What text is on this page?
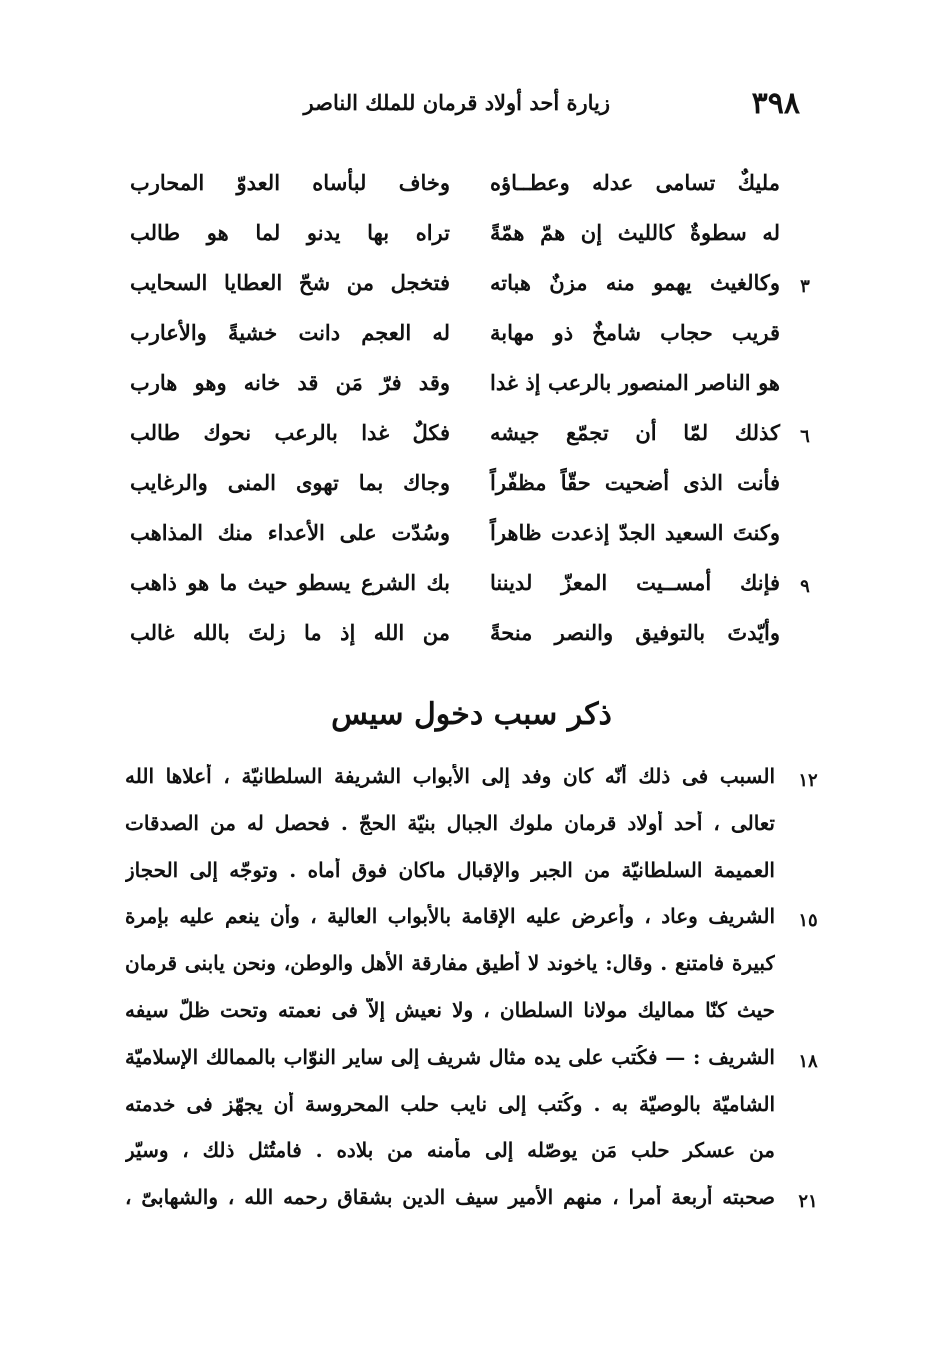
٣٩٨
زيارة أحد أولاد قرمان للملك الناصر
مليكٌ تسامى عدله وعطــاؤه
وخاف لبأساه العدوّ المحارب
له سطوةٌ كالليث إن همّ همّةً
تراه بها يدنو لما هو طالب
٣
وكالغيث يهمو منه مزنٌ هباته
فتخجل من شحّ العطايا السحايب
قريب حجاب شامخٌ ذو مهابة
له العجم دانت خشيةً والأعارب
هو الناصر المنصور بالرعب إذ غدا
وقد فرّ مَن قد خانه وهو هارب
٦
كذلك لمّا أن تجمّع جيشه
فكلٌ غدا بالرعب نحوك طالب
فأنت الذى أضحيت حقّاً مظفّراً
وجاك بما تهوى المنى والرغايب
وكنتَ السعيد الجدّ إذعدت ظاهراً
وسُدّت على الأعداء منك المذاهب
٩
فإنك أمســيت المعزّ لديننا
بك الشرع يسطو حيث ما هو ذاهب
وأيّدتَ بالتوفيق والنصر منحةً
من الله إذ ما زلتَ بالله غالب
ذكر سبب دخول سيس
١٢
السبب فى ذلك أنّه كان وفد إلى الأبواب الشريفة السلطانيّة ، أعلاها الله
تعالى ، أحد أولاد قرمان ملوك الجبال بنيّة الحجّ . فحصل له من الصدقات
العميمة السلطانيّة من الجبر والإقبال ماكان فوق أماه . وتوجّه إلى الحجاز
١٥
الشريف وعاد ، وأعرض عليه الإقامة بالأبواب العالية ، وأن ينعم عليه بإمرة
كبيرة فامتنع . وقال: ياخوند لا أطيق مفارقة الأهل والوطن، ونحن يابنى قرمان
حيث كنّا مماليك مولانا السلطان ، ولا نعيش إلاّ فى نعمته وتحت ظلّ سيفه
١٨
الشريف : — فكُتب على يده مثال شريف إلى ساير النوّاب بالممالك الإسلاميّة
الشاميّة بالوصيّة به . وكُتب إلى نايب حلب المحروسة أن يجهّز فى خدمته
من عسكر حلب مَن يوصّله إلى مأمنه من بلاده . فامتُثل ذلك ، وسيّر
٢١
صحبته أربعة أمرا ، منهم الأمير سيف الدين بشقاق رحمه الله ، والشهابىّ ،
